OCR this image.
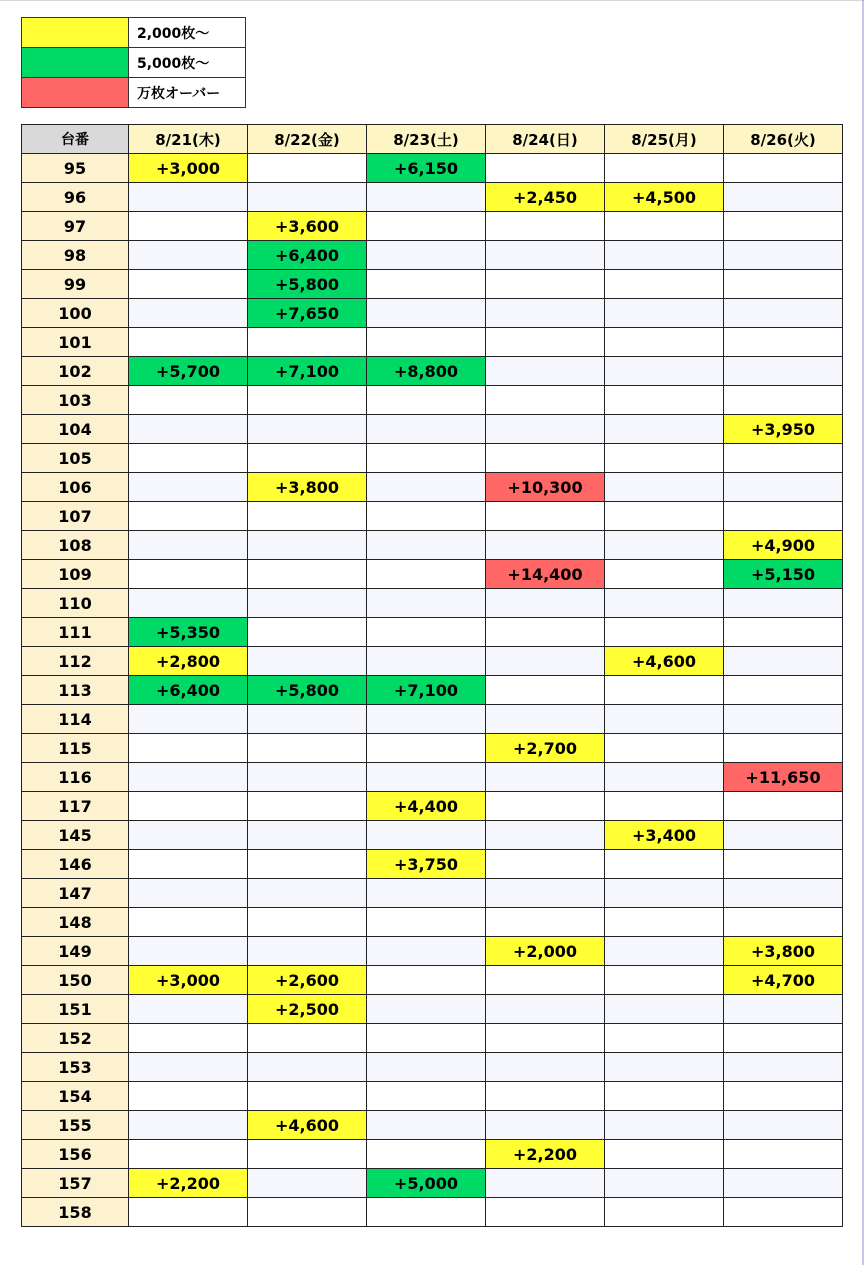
	2,000枚～
	5,000枚～
	万枚オーバー
台番	8/21(木)	8/22(金)	8/23(土)	8/24(日)	8/25(月)	8/26(火)
95	+3,000		+6,150			
96				+2,450	+4,500	
97		+3,600				
98		+6,400				
99		+5,800				
100		+7,650				
101						
102	+5,700	+7,100	+8,800			
103						
104						+3,950
105						
106		+3,800		+10,300		
107						
108						+4,900
109				+14,400		+5,150
110						
111	+5,350					
112	+2,800				+4,600	
113	+6,400	+5,800	+7,100			
114						
115				+2,700		
116						+11,650
117			+4,400			
145					+3,400	
146			+3,750			
147						
148						
149				+2,000		+3,800
150	+3,000	+2,600				+4,700
151		+2,500				
152						
153						
154						
155		+4,600				
156				+2,200		
157	+2,200		+5,000			
158						
